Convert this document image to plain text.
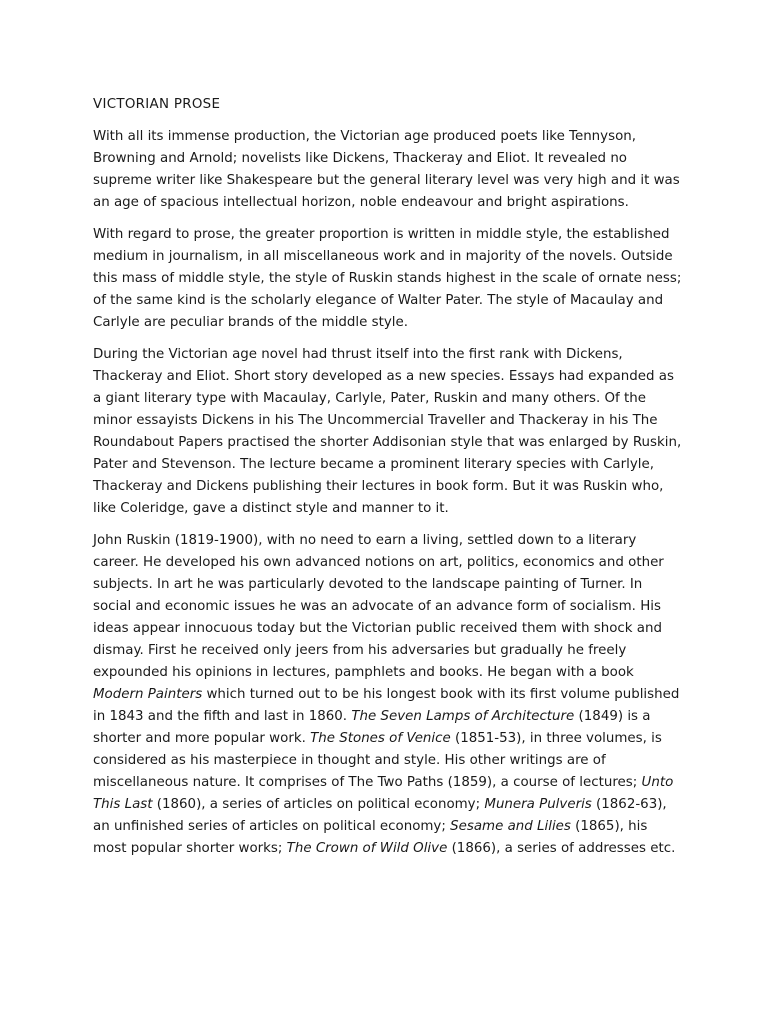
VICTORIAN PROSE

With all its immense production, the Victorian age produced poets like Tennyson, Browning and Arnold; novelists like Dickens, Thackeray and Eliot. It revealed no supreme writer like Shakespeare but the general literary level was very high and it was an age of spacious intellectual horizon, noble endeavour and bright aspirations.

With regard to prose, the greater proportion is written in middle style, the established medium in journalism, in all miscellaneous work and in majority of the novels. Outside this mass of middle style, the style of Ruskin stands highest in the scale of ornate ness; of the same kind is the scholarly elegance of Walter Pater. The style of Macaulay and Carlyle are peculiar brands of the middle style.

During the Victorian age novel had thrust itself into the first rank with Dickens, Thackeray and Eliot. Short story developed as a new species. Essays had expanded as a giant literary type with Macaulay, Carlyle, Pater, Ruskin and many others. Of the minor essayists Dickens in his The Uncommercial Traveller and Thackeray in his The Roundabout Papers practised the shorter Addisonian style that was enlarged by Ruskin, Pater and Stevenson. The lecture became a prominent literary species with Carlyle, Thackeray and Dickens publishing their lectures in book form. But it was Ruskin who, like Coleridge, gave a distinct style and manner to it.

John Ruskin (1819-1900), with no need to earn a living, settled down to a literary career. He developed his own advanced notions on art, politics, economics and other subjects. In art he was particularly devoted to the landscape painting of Turner. In social and economic issues he was an advocate of an advance form of socialism. His ideas appear innocuous today but the Victorian public received them with shock and dismay. First he received only jeers from his adversaries but gradually he freely expounded his opinions in lectures, pamphlets and books. He began with a book Modern Painters which turned out to be his longest book with its first volume published in 1843 and the fifth and last in 1860. The Seven Lamps of Architecture (1849) is a shorter and more popular work. The Stones of Venice (1851-53), in three volumes, is considered as his masterpiece in thought and style. His other writings are of miscellaneous nature. It comprises of The Two Paths (1859), a course of lectures; Unto This Last (1860), a series of articles on political economy; Munera Pulveris (1862-63), an unfinished series of articles on political economy; Sesame and Lilies (1865), his most popular shorter works; The Crown of Wild Olive (1866), a series of addresses etc.
